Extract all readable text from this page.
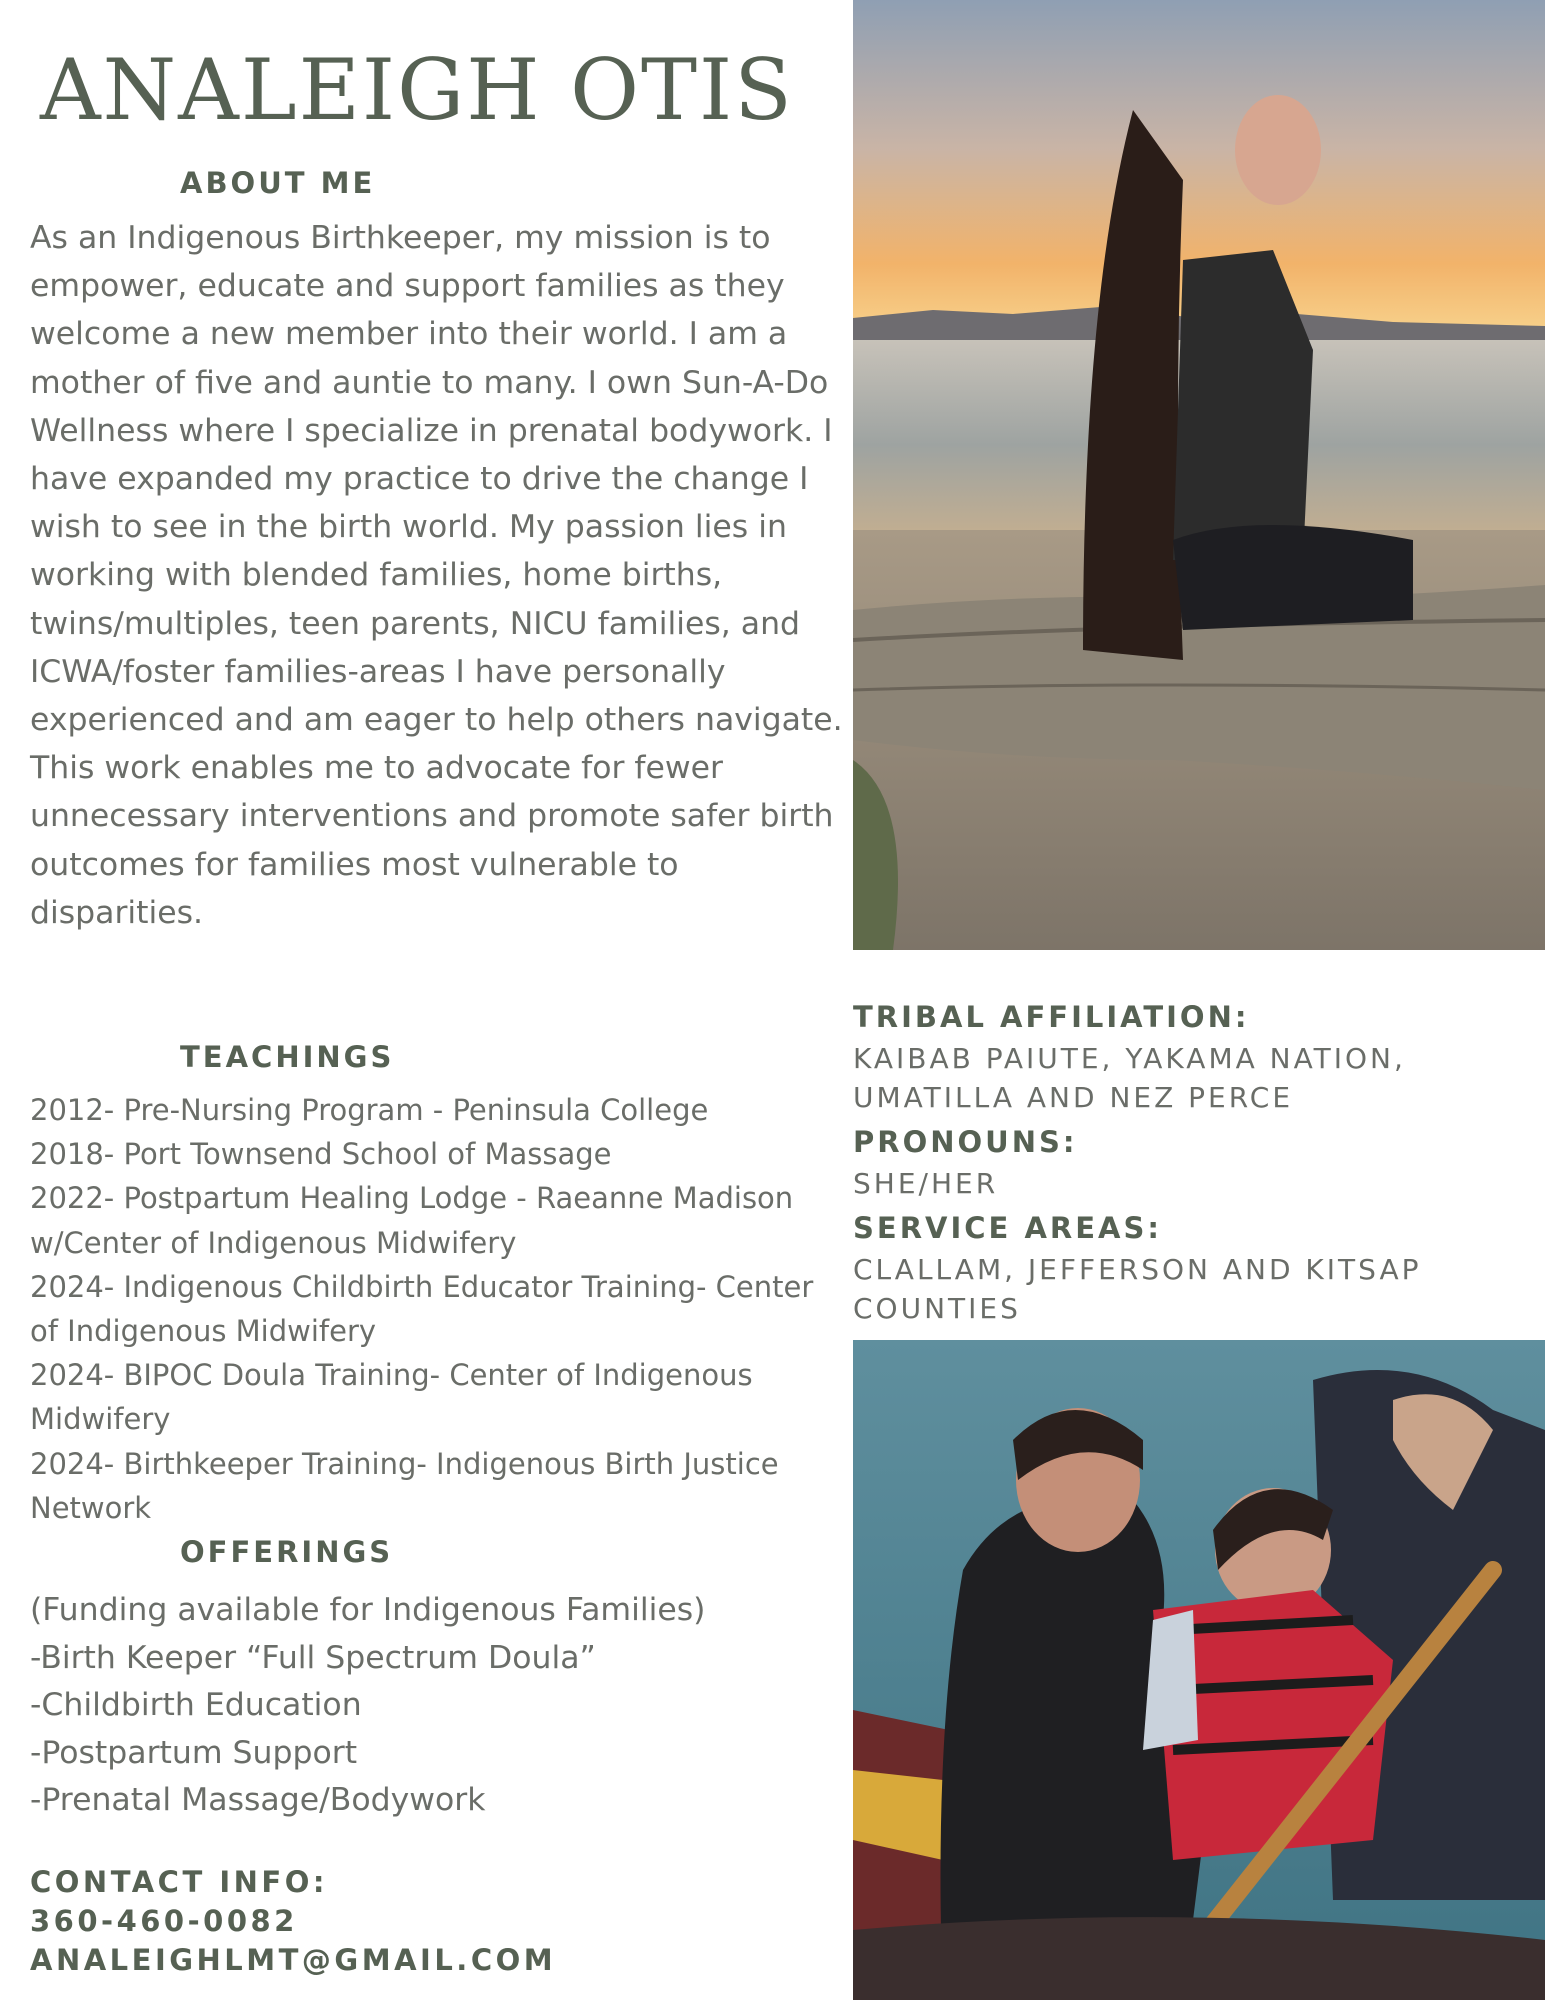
ANALEIGH OTIS
ABOUT ME
As an Indigenous Birthkeeper, my mission is to empower, educate and support families as they welcome a new member into their world. I am a mother of five and auntie to many. I own Sun-A-Do Wellness where I specialize in prenatal bodywork. I have expanded my practice to drive the change I wish to see in the birth world. My passion lies in working with blended families, home births, twins/multiples, teen parents, NICU families, and ICWA/foster families-areas I have personally experienced and am eager to help others navigate. This work enables me to advocate for fewer unnecessary interventions and promote safer birth outcomes for families most vulnerable to disparities.
TEACHINGS
2012- Pre-Nursing Program - Peninsula College
2018- Port Townsend School of Massage
2022- Postpartum Healing Lodge - Raeanne Madison w/Center of Indigenous Midwifery
2024- Indigenous Childbirth Educator Training- Center of Indigenous Midwifery
2024- BIPOC Doula Training- Center of Indigenous Midwifery
2024- Birthkeeper Training- Indigenous Birth Justice Network
OFFERINGS
(Funding available for Indigenous Families)
-Birth Keeper “Full Spectrum Doula”
-Childbirth Education
-Postpartum Support
-Prenatal Massage/Bodywork
CONTACT INFO:
360-460-0082
ANALEIGHLMT@GMAIL.COM
TRIBAL AFFILIATION:
KAIBAB PAIUTE, YAKAMA NATION, UMATILLA AND NEZ PERCE
PRONOUNS:
SHE/HER
SERVICE AREAS:
CLALLAM, JEFFERSON AND KITSAP COUNTIES
